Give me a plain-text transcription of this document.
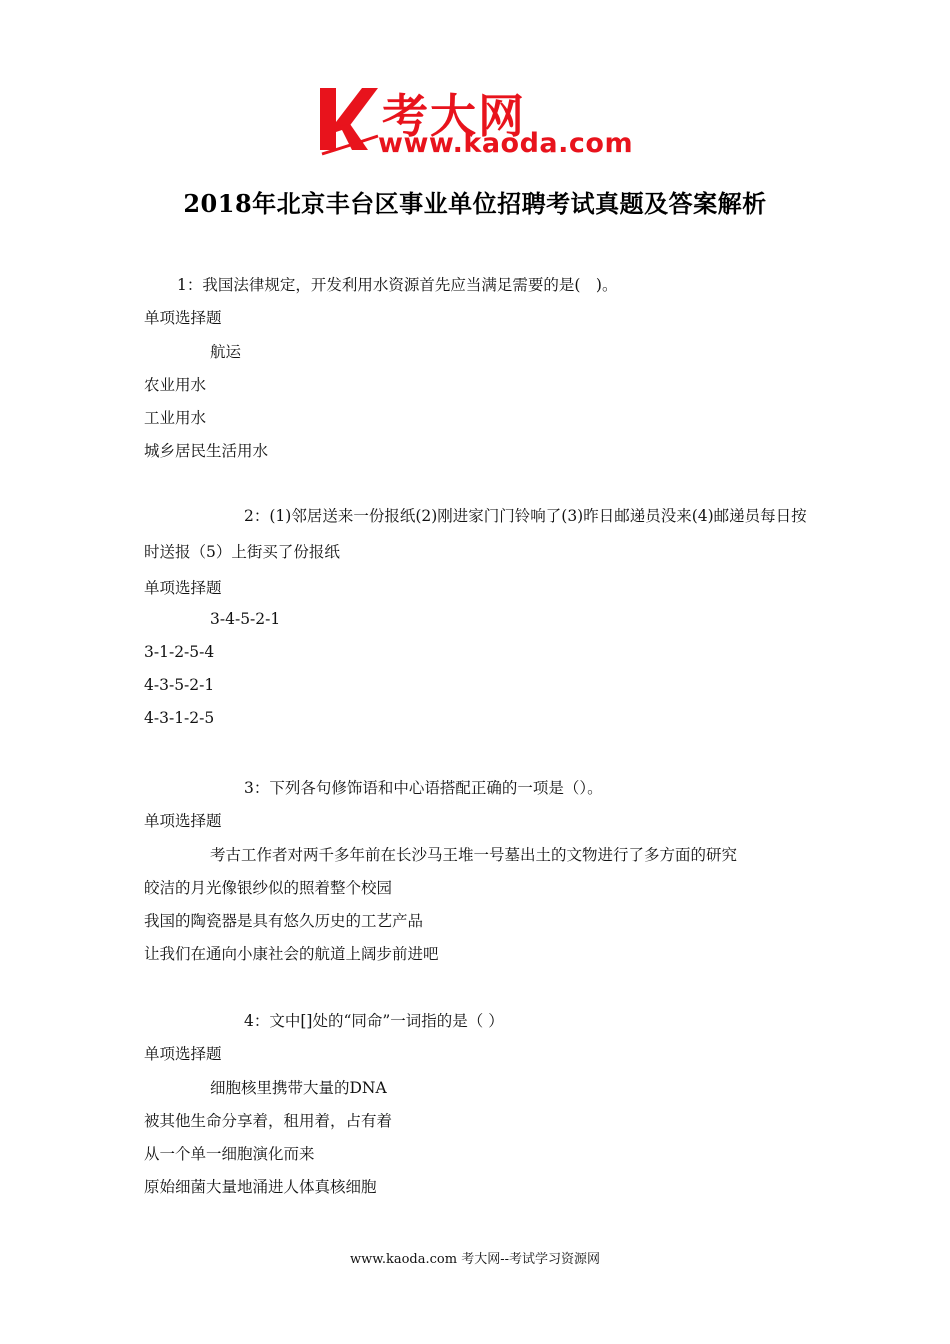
考大网
www.kaoda.com
2018年北京丰台区事业单位招聘考试真题及答案解析
1：我国法律规定，开发利用水资源首先应当满足需要的是(　)。
单项选择题
航运
农业用水
工业用水
城乡居民生活用水
2：(1)邻居送来一份报纸(2)刚进家门门铃响了(3)昨日邮递员没来(4)邮递员每日按时送报（5）上街买了份报纸
单项选择题
3-4-5-2-1
3-1-2-5-4
4-3-5-2-1
4-3-1-2-5
3：下列各句修饰语和中心语搭配正确的一项是（）。
单项选择题
考古工作者对两千多年前在长沙马王堆一号墓出土的文物进行了多方面的研究
皎洁的月光像银纱似的照着整个校园
我国的陶瓷器是具有悠久历史的工艺产品
让我们在通向小康社会的航道上阔步前进吧
4：文中[]处的“同命”一词指的是（ ）
单项选择题
细胞核里携带大量的DNA
被其他生命分享着，租用着，占有着
从一个单一细胞演化而来
原始细菌大量地涌进人体真核细胞
www.kaoda.com 考大网--考试学习资源网
